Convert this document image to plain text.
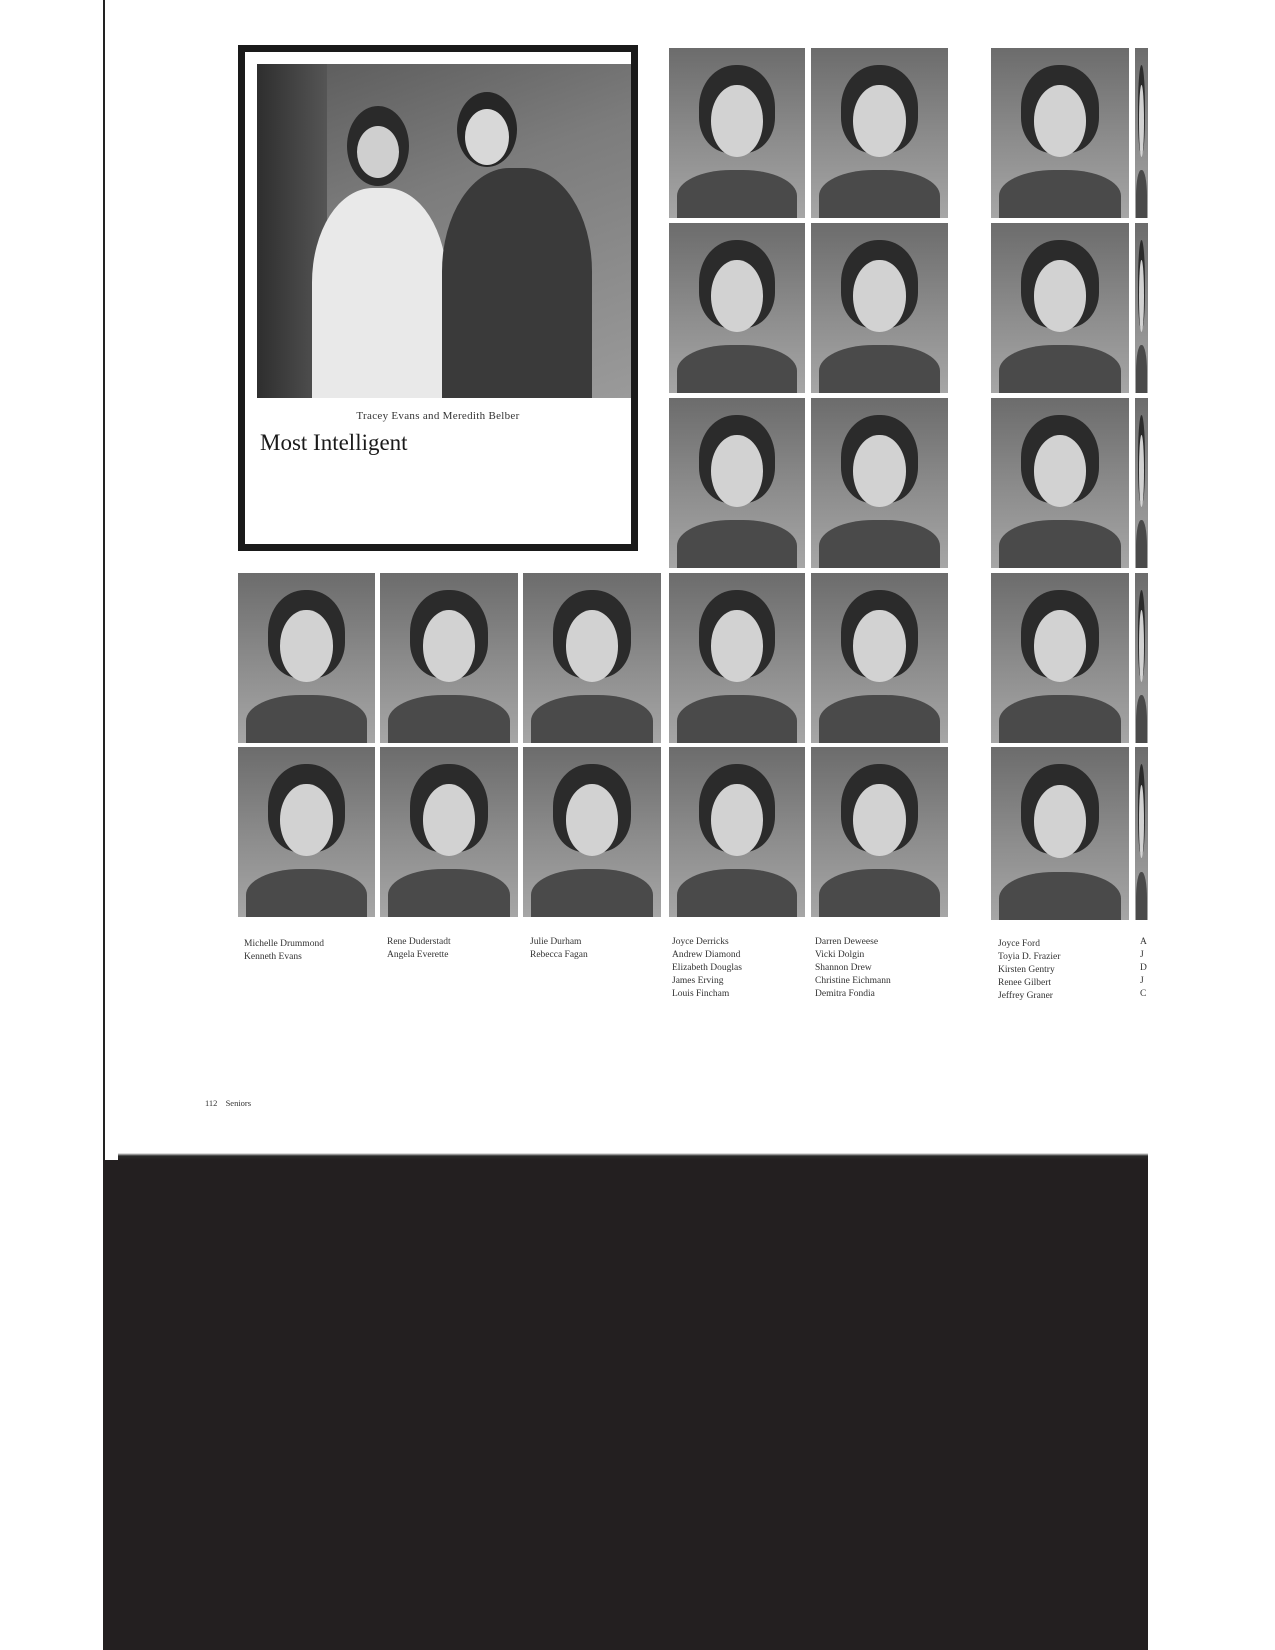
Tracey Evans and Meredith Belber
Most Intelligent
Michelle Drummond
Kenneth Evans
Rene Duderstadt
Angela Everette
Julie Durham
Rebecca Fagan
Joyce Derricks
Andrew Diamond
Elizabeth Douglas
James Erving
Louis Fincham
Darren Deweese
Vicki Dolgin
Shannon Drew
Christine Eichmann
Demitra Fondia
Joyce Ford
Toyia D. Frazier
Kirsten Gentry
Renee Gilbert
Jeffrey Graner
A
J
D
J
C
112 Seniors
